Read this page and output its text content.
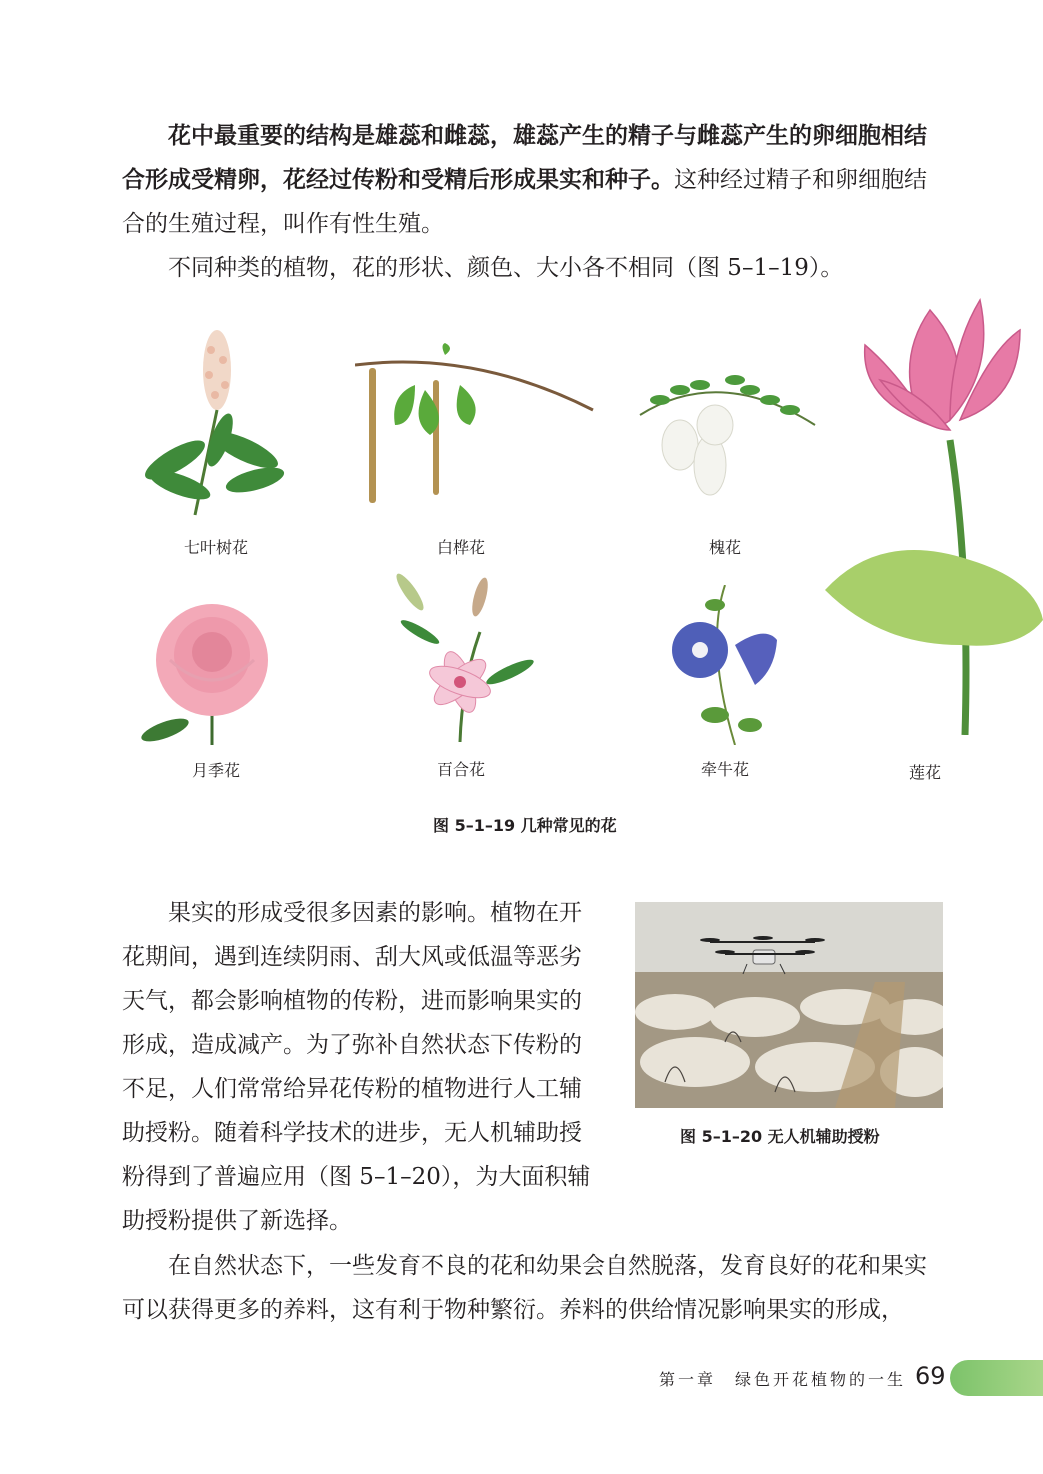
花中最重要的结构是雄蕊和雌蕊，雄蕊产生的精子与雌蕊产生的卵细胞相结合形成受精卵，花经过传粉和受精后形成果实和种子。这种经过精子和卵细胞结合的生殖过程，叫作有性生殖。

不同种类的植物，花的形状、颜色、大小各不相同（图 5–1–19）。

七叶树花	白桦花	槐花
莲花
月季花	百合花	牵牛花
图 5–1–19 几种常见的花

果实的形成受很多因素的影响。植物在开花期间，遇到连续阴雨、刮大风或低温等恶劣天气，都会影响植物的传粉，进而影响果实的形成，造成减产。为了弥补自然状态下传粉的不足，人们常常给异花传粉的植物进行人工辅助授粉。随着科学技术的进步，无人机辅助授粉得到了普遍应用（图 5–1–20），为大面积辅助授粉提供了新选择。

图 5–1–20 无人机辅助授粉

在自然状态下，一些发育不良的花和幼果会自然脱落，发育良好的花和果实可以获得更多的养料，这有利于物种繁衍。养料的供给情况影响果实的形成，

第一章　绿色开花植物的一生 69
